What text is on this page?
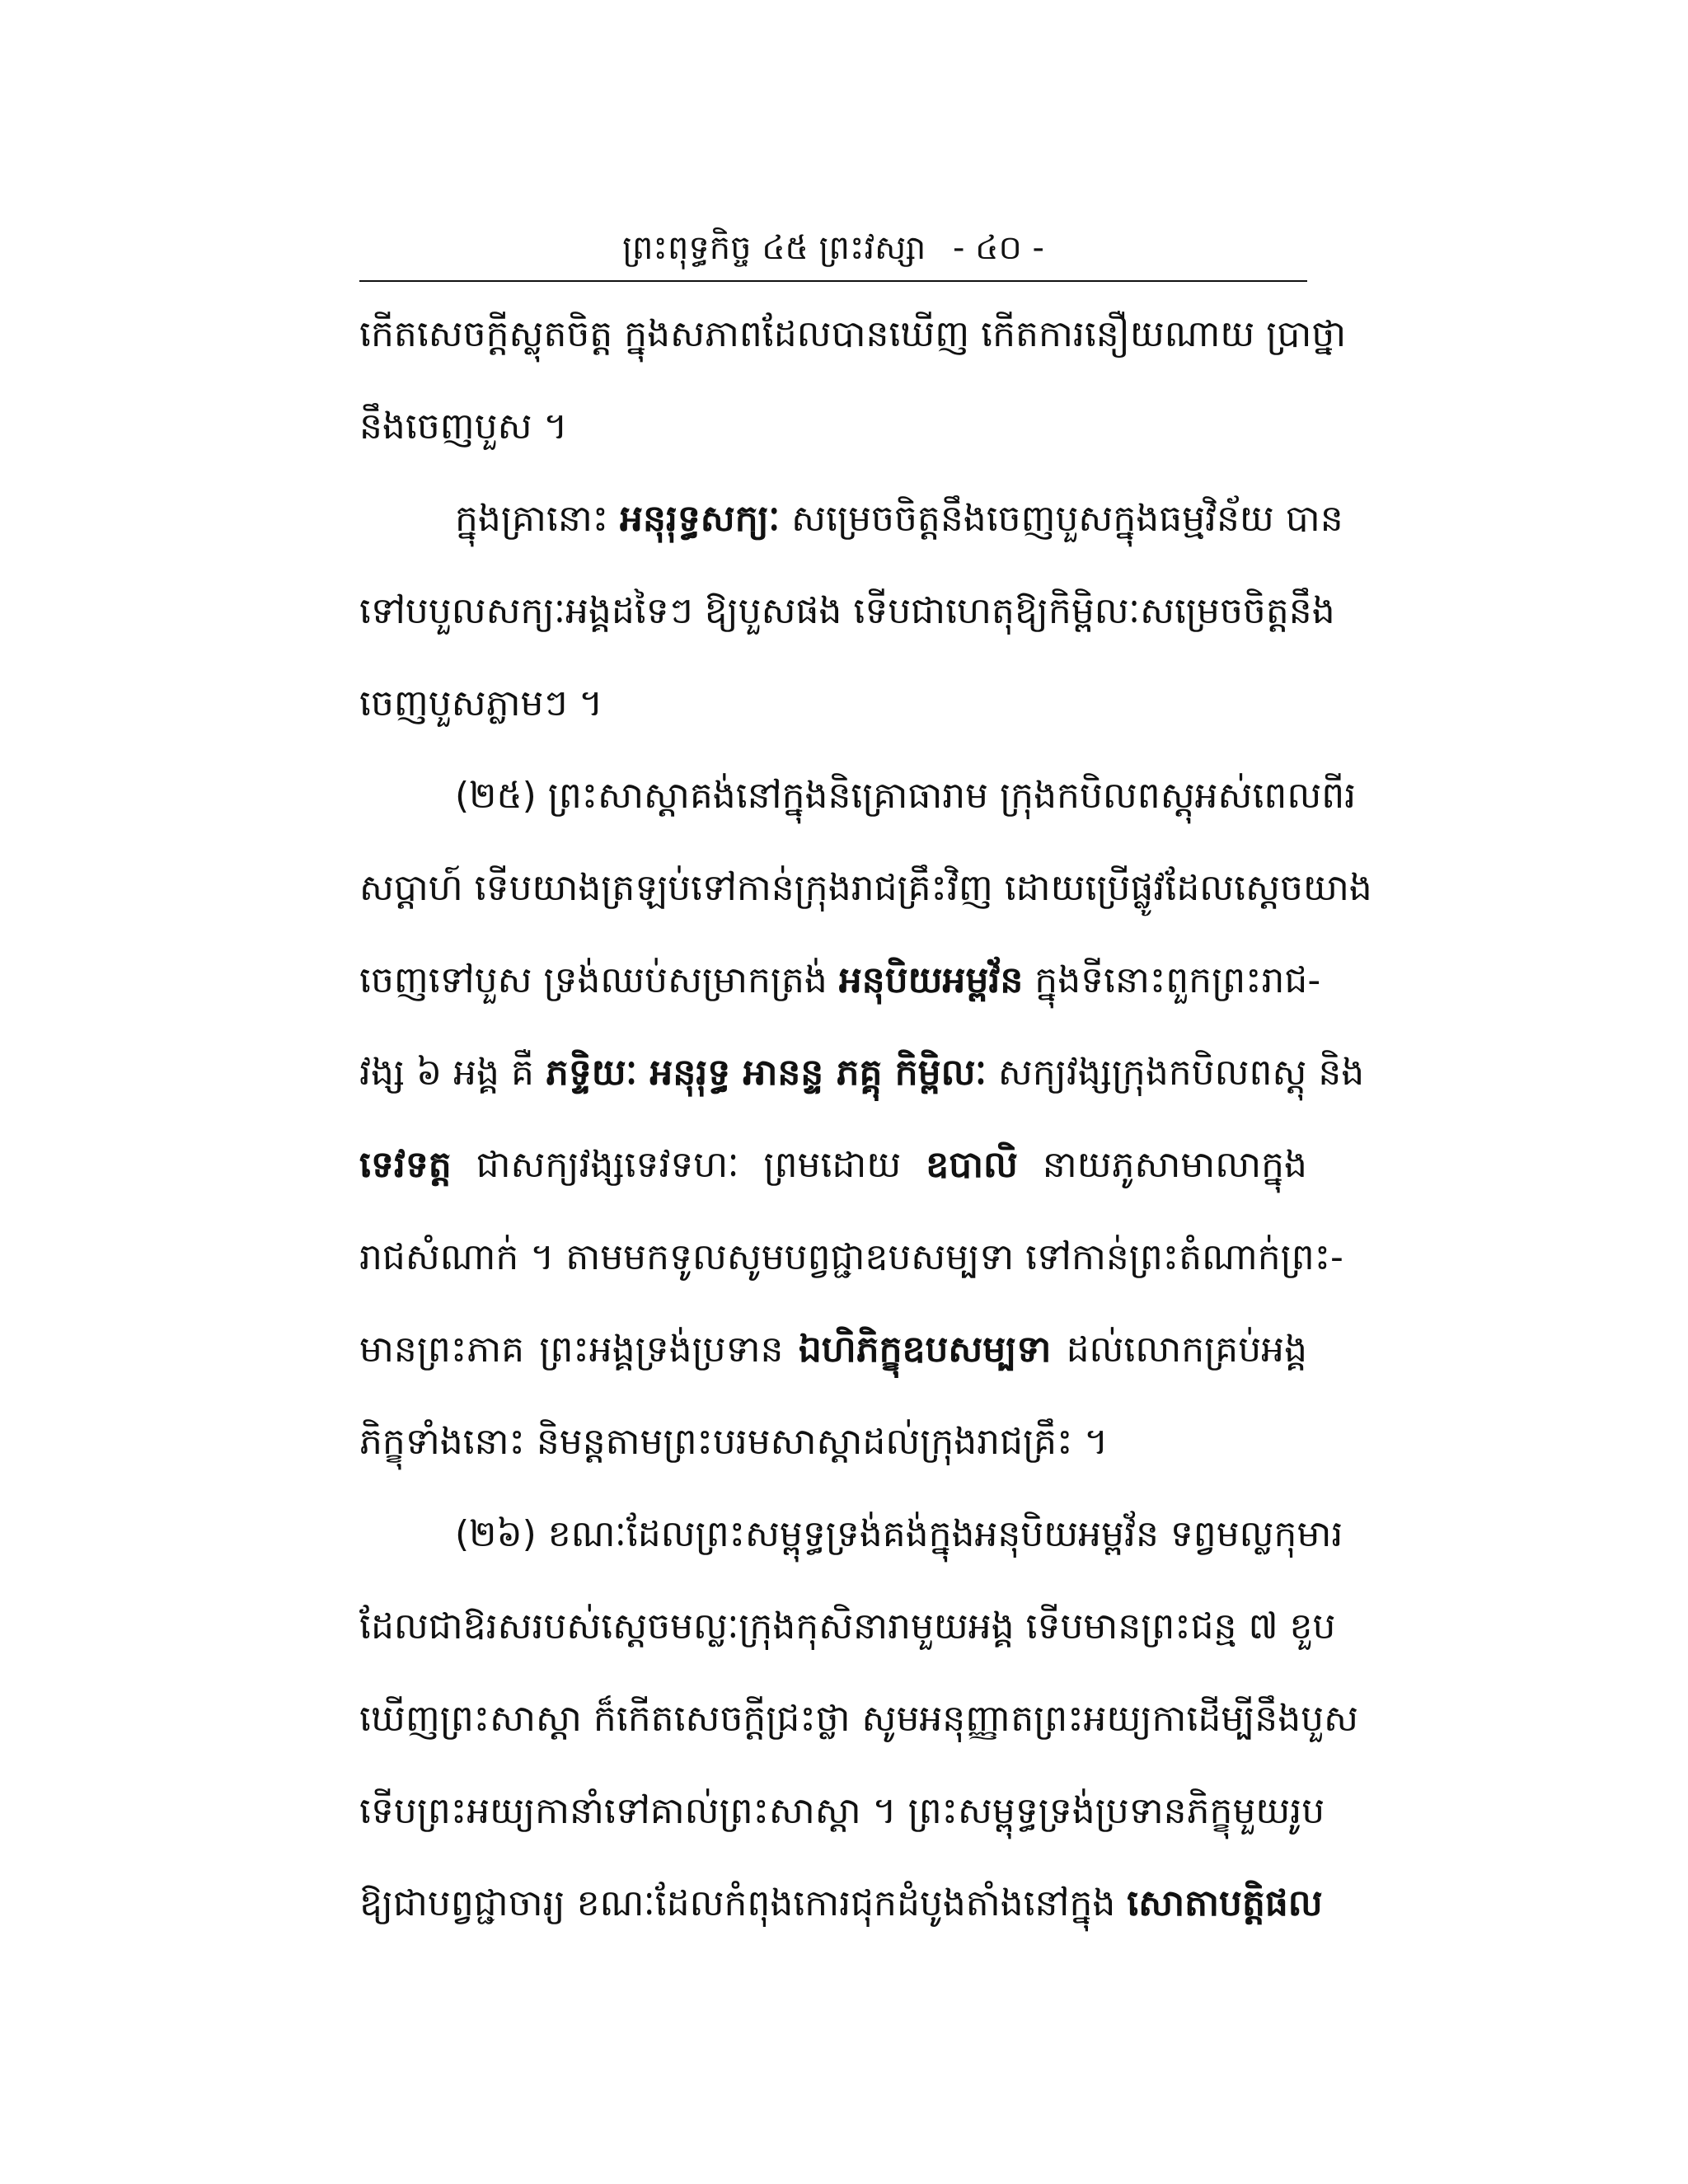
ព្រះពុទ្ធកិច្ច ៤៥ ព្រះវស្សា - ៤០ -
កើតសេចក្ដីស្លុតចិត្ត ក្នុងសភាពដែលបានឃើញ កើតការនឿយណាយ ប្រាថ្នា
នឹងចេញបួស ។
ក្នុងគ្រានោះ អនុរុទ្ធសក្យៈ សម្រេចចិត្តនឹងចេញបួសក្នុងធម្មវិន័យ បាន
ទៅបបួលសក្យៈអង្គដទៃៗ ឱ្យបួសផង ទើបជាហេតុឱ្យកិម្ពិលៈសម្រេចចិត្តនឹង
ចេញបួសភ្លាមៗ ។
(២៥) ព្រះសាស្ដាគង់នៅក្នុងនិគ្រោធារាម ក្រុងកបិលពស្ដុអស់ពេលពីរ
សប្ដាហ៍ ទើបយាងត្រឡប់ទៅកាន់ក្រុងរាជគ្រឹះវិញ ដោយប្រើផ្លូវដែលស្ដេចយាង
ចេញទៅបួស ទ្រង់ឈប់សម្រាកត្រង់ អនុបិយអម្ពវ័ន ក្នុងទីនោះពួកព្រះរាជ-
វង្ស ៦ អង្គ គឺ ភទ្ទិយៈ អនុរុទ្ធ អានន្ទ ភគ្គុ កិម្ពិលៈ សក្យវង្សក្រុងកបិលពស្ដុ និង
ទេវទត្ត ជាសក្យវង្សទេវទហៈ ព្រមដោយ ឧបាលិ នាយភូសាមាលាក្នុង
រាជសំណាក់ ។ តាមមកទូលសូមបព្វជ្ជាឧបសម្បទា ទៅកាន់ព្រះតំណាក់ព្រះ-
មានព្រះភាគ ព្រះអង្គទ្រង់ប្រទាន ឯហិភិក្ខុឧបសម្បទា ដល់លោកគ្រប់អង្គ
ភិក្ខុទាំងនោះ និមន្តតាមព្រះបរមសាស្ដាដល់ក្រុងរាជគ្រឹះ ។
(២៦) ខណៈដែលព្រះសម្ពុទ្ធទ្រង់គង់ក្នុងអនុបិយអម្ពវ័ន ទព្វមល្លកុមារ
ដែលជាឱរសរបស់ស្ដេចមល្លៈក្រុងកុសិនារាមួយអង្គ ទើបមានព្រះជន្ម ៧ ខួប
ឃើញព្រះសាស្ដា ក៏កើតសេចក្ដីជ្រះថ្លា សូមអនុញ្ញាតព្រះអយ្យកាដើម្បីនឹងបួស
ទើបព្រះអយ្យកានាំទៅគាល់ព្រះសាស្ដា ។ ព្រះសម្ពុទ្ធទ្រង់ប្រទានភិក្ខុមួយរូប
ឱ្យជាបព្វជ្ជាចារ្យ ខណៈដែលកំពុងកោរជុកដំបូងតាំងនៅក្នុង សោតាបត្តិផល
